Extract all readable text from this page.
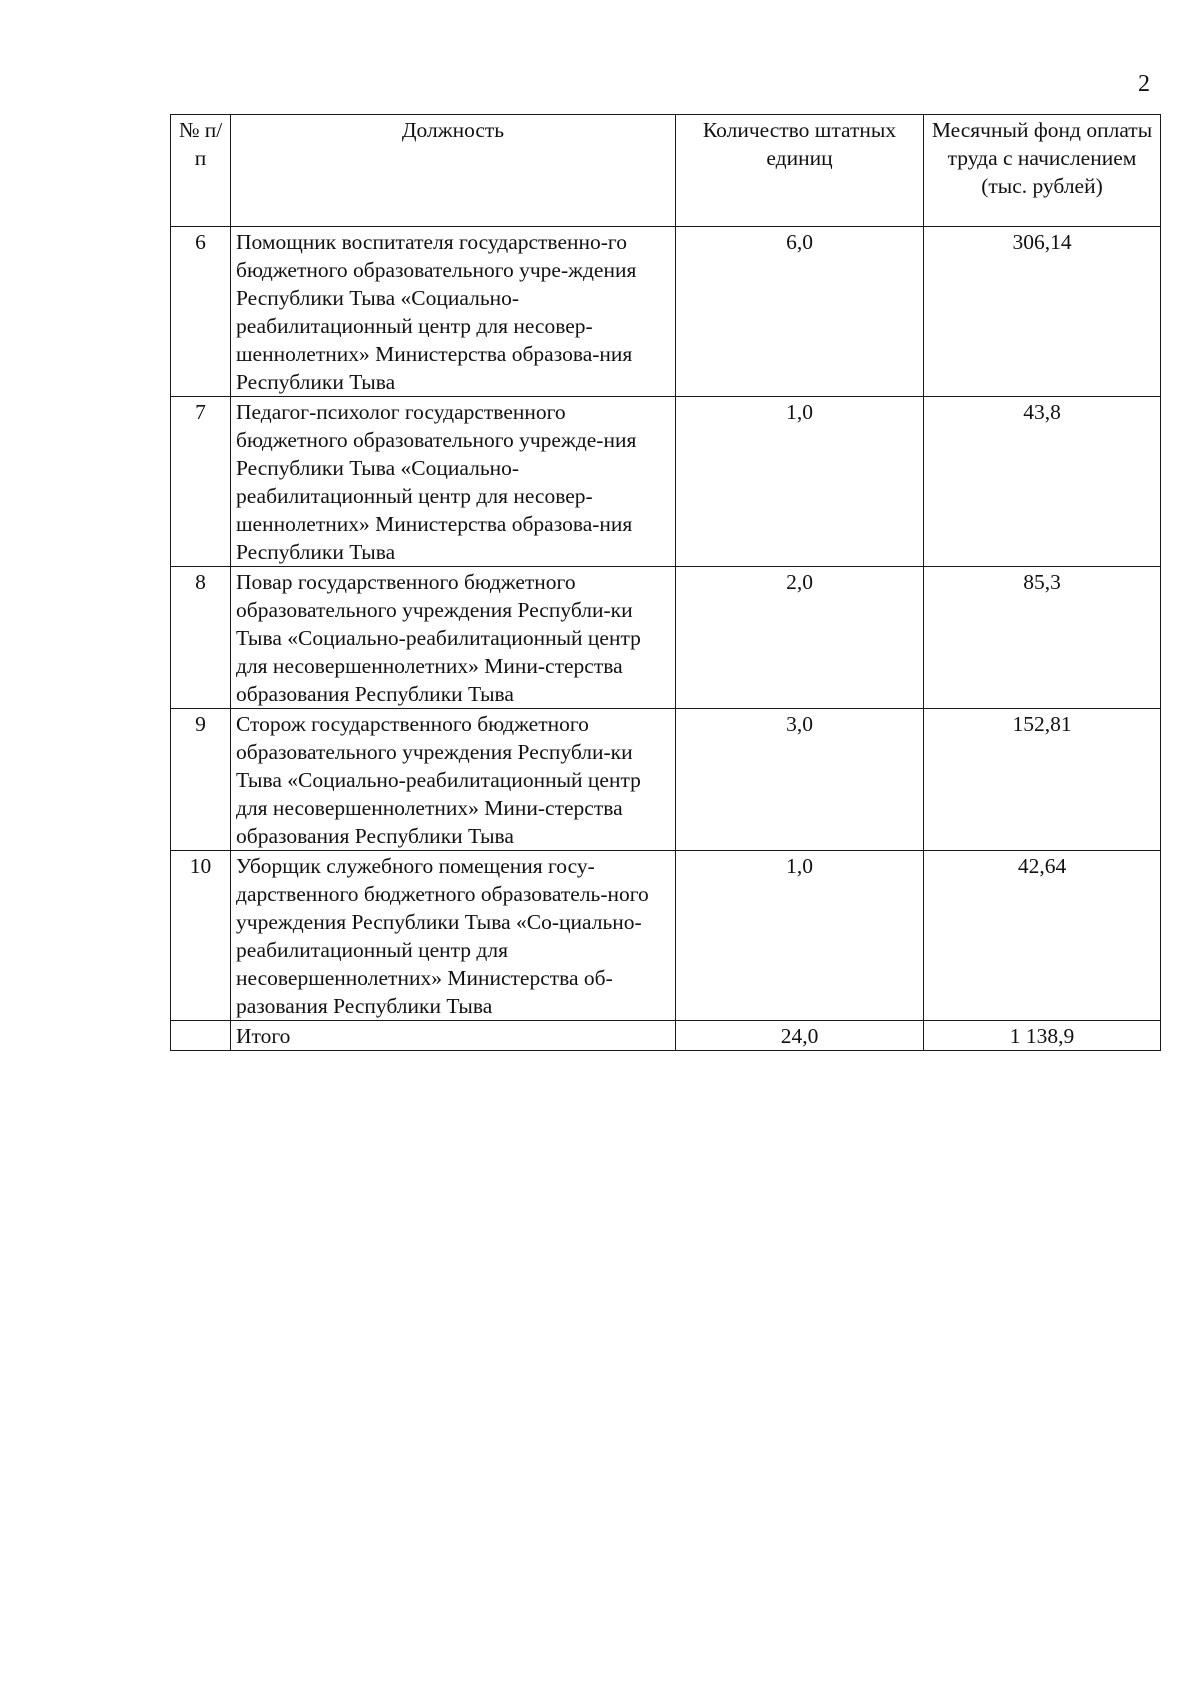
2
№ п/п	Должность	Количество штатных единиц	Месячный фонд оплаты труда с начислением (тыс. рублей)
6	Помощник воспитателя государственно-го бюджетного образовательного учре-ждения Республики Тыва «Социально-реабилитационный центр для несовер-шеннолетних» Министерства образова-ния Республики Тыва	6,0	306,14
7	Педагог-психолог государственного бюджетного образовательного учрежде-ния Республики Тыва «Социально-реабилитационный центр для несовер-шеннолетних» Министерства образова-ния Республики Тыва	1,0	43,8
8	Повар государственного бюджетного образовательного учреждения Республи-ки Тыва «Социально-реабилитационный центр для несовершеннолетних» Мини-стерства образования Республики Тыва	2,0	85,3
9	Сторож государственного бюджетного образовательного учреждения Республи-ки Тыва «Социально-реабилитационный центр для несовершеннолетних» Мини-стерства образования Республики Тыва	3,0	152,81
10	Уборщик служебного помещения госу-дарственного бюджетного образователь-ного учреждения Республики Тыва «Со-циально-реабилитационный центр для несовершеннолетних» Министерства об-разования Республики Тыва	1,0	42,64
	Итого	24,0	1 138,9
